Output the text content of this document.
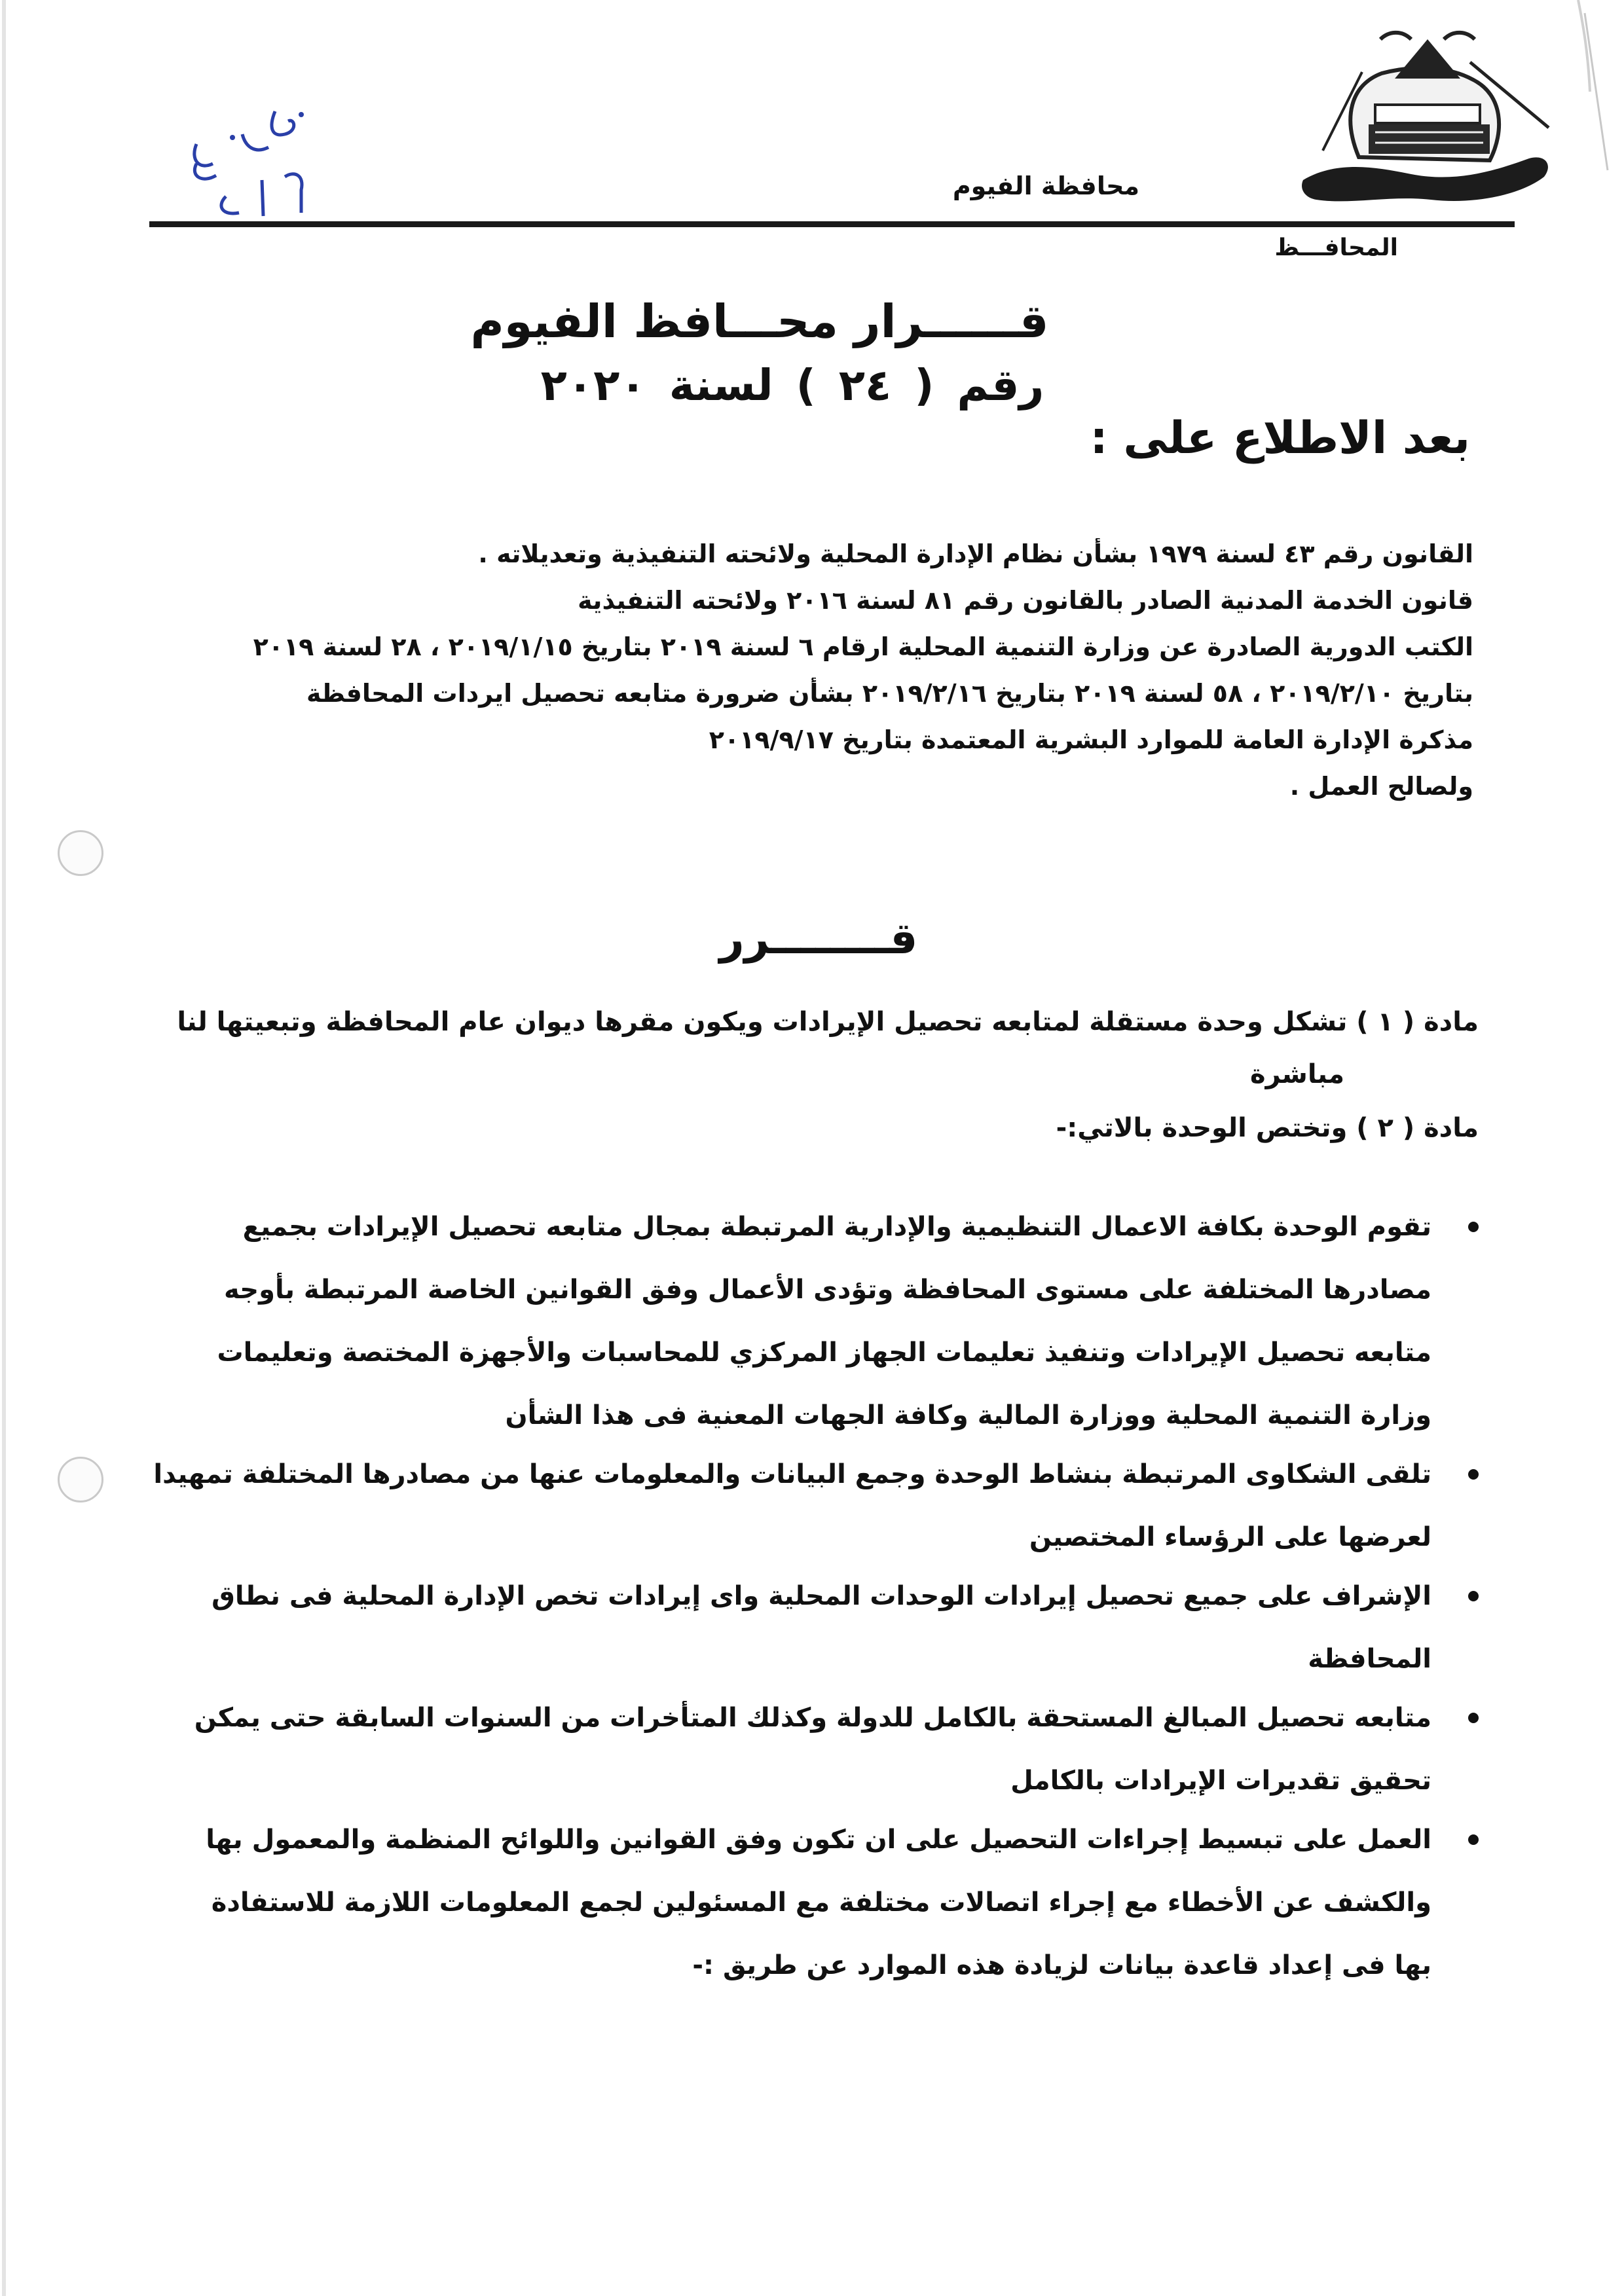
محافظة الفيوم
المحافـــظ
قــــــرار محـــافظ الفيوم
رقم ( ٢٤ ) لسنة ٢٠٢٠
بعد الاطلاع على :

القانون رقم ٤٣ لسنة ١٩٧٩ بشأن نظام الإدارة المحلية ولائحته التنفيذية وتعديلاته .

قانون الخدمة المدنية الصادر بالقانون رقم ٨١ لسنة ٢٠١٦ ولائحته التنفيذية

الكتب الدورية الصادرة عن وزارة التنمية المحلية ارقام ٦ لسنة ٢٠١٩ بتاريخ ٢٠١٩/١/١٥ ، ٢٨ لسنة ٢٠١٩

بتاريخ ٢٠١٩/٢/١٠ ، ٥٨ لسنة ٢٠١٩ بتاريخ ٢٠١٩/٢/١٦ بشأن ضرورة متابعه تحصيل ايردات المحافظة

مذكرة الإدارة العامة للموارد البشرية المعتمدة بتاريخ ٢٠١٩/٩/١٧

ولصالح العمل .

قــــــــرر

مادة ( ١ ) تشكل وحدة مستقلة لمتابعه تحصيل الإيرادات ويكون مقرها ديوان عام المحافظة وتبعيتها لنا

مباشرة

مادة ( ٢ ) وتختص الوحدة بالاتي:-

تقوم الوحدة بكافة الاعمال التنظيمية والإدارية المرتبطة بمجال متابعه تحصيل الإيرادات بجميع
مصادرها المختلفة على مستوى المحافظة وتؤدى الأعمال وفق القوانين الخاصة المرتبطة بأوجه
متابعه تحصيل الإيرادات وتنفيذ تعليمات الجهاز المركزي للمحاسبات والأجهزة المختصة وتعليمات
وزارة التنمية المحلية ووزارة المالية وكافة الجهات المعنية فى هذا الشأن
تلقى الشكاوى المرتبطة بنشاط الوحدة وجمع البيانات والمعلومات عنها من مصادرها المختلفة تمهيدا
لعرضها على الرؤساء المختصين
الإشراف على جميع تحصيل إيرادات الوحدات المحلية واى إيرادات تخص الإدارة المحلية فى نطاق
المحافظة
متابعه تحصيل المبالغ المستحقة بالكامل للدولة وكذلك المتأخرات من السنوات السابقة حتى يمكن
تحقيق تقديرات الإيرادات بالكامل
العمل على تبسيط إجراءات التحصيل على ان تكون وفق القوانين واللوائح المنظمة والمعمول بها
والكشف عن الأخطاء مع إجراء اتصالات مختلفة مع المسئولين لجمع المعلومات اللازمة للاستفادة
بها فى إعداد قاعدة بيانات لزيادة هذه الموارد عن طريق :-
